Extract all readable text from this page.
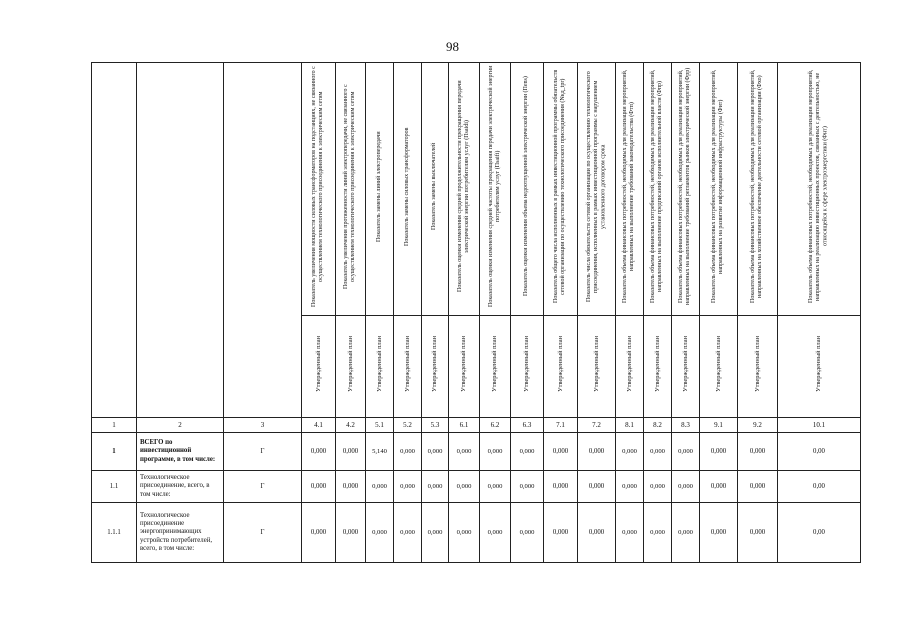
98
			Показатель увеличения мощности силовых трансформаторов на подстанциях, не связанного с осуществлением технологического присоединения к электрическим сетям	Показатель увеличения протяженности линий электропередачи, не связанного с осуществлением технологического присоединения к электрическим сетям	Показатель замены линий электропередачи	Показатель замены силовых трансформаторов	Показатель замены выключателей	Показатель оценки изменения средней продолжительности прекращения передачи электрической энергии потребителям услуг (Пsaidi)	Показатель оценки изменения средней частоты прекращения передачи электрической энергии потребителям услуг (Пsaifi)	Показатель оценки изменения объема недоотпущенной электрической энергии (Пens)	Показатель общего числа исполненных в рамках инвестиционной программы обязательств сетевой организации по осуществлению технологического присоединения (Nкд_tpr)	Показатель числа обязательств сетевой организации по осуществлению технологического присоединения, исполненных в рамках инвестиционной программы с нарушением установленного договором срока	Показатель объема финансовых потребностей, необходимых для реализации мероприятий, направленных на выполнение требований законодательства (Фтп)	Показатель объема финансовых потребностей, необходимых для реализации мероприятий, направленных на выполнение предписаний органов исполнительной власти (Фпр)	Показатель объема финансовых потребностей, необходимых для реализации мероприятий, направленных на выполнение требований регламентов рынков электрической энергии (Фрр)	Показатель объема финансовых потребностей, необходимых для реализации мероприятий, направленных на развитие информационной инфраструктуры (Фит)	Показатель объема финансовых потребностей, необходимых для реализации мероприятий, направленных на хозяйственное обеспечение деятельности сетевой организации (Фхо)	Показатель объема финансовых потребностей, необходимых для реализации мероприятий, направленных на реализацию инвестиционных проектов, связанных с деятельностью, не относящейся к сфере электроэнергетики (Фнт)
			Утвержденный план	Утвержденный план	Утвержденный план	Утвержденный план	Утвержденный план	Утвержденный план	Утвержденный план	Утвержденный план	Утвержденный план	Утвержденный план	Утвержденный план	Утвержденный план	Утвержденный план	Утвержденный план	Утвержденный план	Утвержденный план
1	2	3	4.1	4.2	5.1	5.2	5.3	6.1	6.2	6.3	7.1	7.2	8.1	8.2	8.3	9.1	9.2	10.1
1	ВСЕГО по инвестиционной программе, в том числе:	Г	0,000	0,000	5,140	0,000	0,000	0,000	0,000	0,000	0,000	0,000	0,000	0,000	0,000	0,000	0,000	0,00
1.1	Технологическое присоединение, всего, в том числе:	Г	0,000	0,000	0,000	0,000	0,000	0,000	0,000	0,000	0,000	0,000	0,000	0,000	0,000	0,000	0,000	0,00
1.1.1	Технологическое присоединение энергопринимающих устройств потребителей, всего, в том числе:	Г	0,000	0,000	0,000	0,000	0,000	0,000	0,000	0,000	0,000	0,000	0,000	0,000	0,000	0,000	0,000	0,00
